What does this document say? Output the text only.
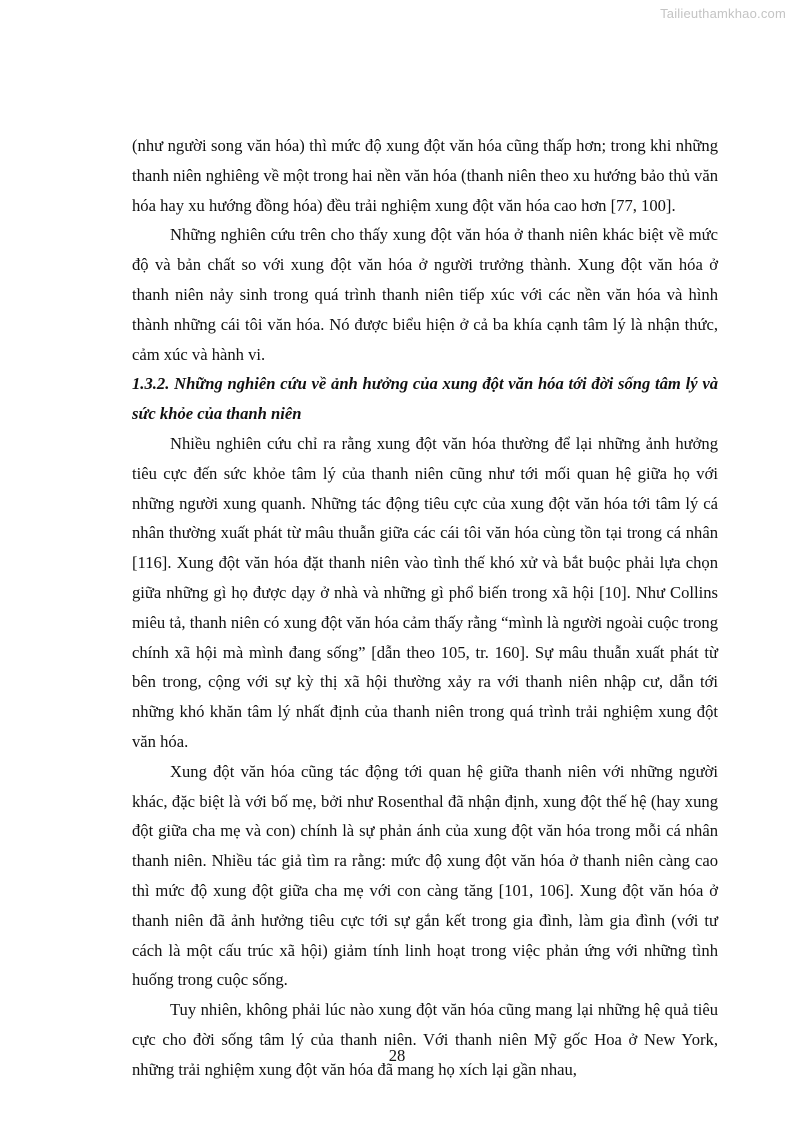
Tailieuthamkhao.com

(như người song văn hóa) thì mức độ xung đột văn hóa cũng thấp hơn; trong khi những thanh niên nghiêng về một trong hai nền văn hóa (thanh niên theo xu hướng bảo thủ văn hóa hay xu hướng đồng hóa) đều trải nghiệm xung đột văn hóa cao hơn [77, 100].

Những nghiên cứu trên cho thấy xung đột văn hóa ở thanh niên khác biệt về mức độ và bản chất so với xung đột văn hóa ở người trưởng thành. Xung đột văn hóa ở thanh niên nảy sinh trong quá trình thanh niên tiếp xúc với các nền văn hóa và hình thành những cái tôi văn hóa. Nó được biểu hiện ở cả ba khía cạnh tâm lý là nhận thức, cảm xúc và hành vi.

1.3.2. Những nghiên cứu về ảnh hưởng của xung đột văn hóa tới đời sống tâm lý và sức khỏe của thanh niên

Nhiều nghiên cứu chỉ ra rằng xung đột văn hóa thường để lại những ảnh hưởng tiêu cực đến sức khỏe tâm lý của thanh niên cũng như tới mối quan hệ giữa họ với những người xung quanh. Những tác động tiêu cực của xung đột văn hóa tới tâm lý cá nhân thường xuất phát từ mâu thuẫn giữa các cái tôi văn hóa cùng tồn tại trong cá nhân [116]. Xung đột văn hóa đặt thanh niên vào tình thế khó xử và bắt buộc phải lựa chọn giữa những gì họ được dạy ở nhà và những gì phổ biến trong xã hội [10]. Như Collins miêu tả, thanh niên có xung đột văn hóa cảm thấy rằng “mình là người ngoài cuộc trong chính xã hội mà mình đang sống” [dẫn theo 105, tr. 160]. Sự mâu thuẫn xuất phát từ bên trong, cộng với sự kỳ thị xã hội thường xảy ra với thanh niên nhập cư, dẫn tới những khó khăn tâm lý nhất định của thanh niên trong quá trình trải nghiệm xung đột văn hóa.

Xung đột văn hóa cũng tác động tới quan hệ giữa thanh niên với những người khác, đặc biệt là với bố mẹ, bởi như Rosenthal đã nhận định, xung đột thế hệ (hay xung đột giữa cha mẹ và con) chính là sự phản ánh của xung đột văn hóa trong mỗi cá nhân thanh niên. Nhiều tác giả tìm ra rằng: mức độ xung đột văn hóa ở thanh niên càng cao thì mức độ xung đột giữa cha mẹ với con càng tăng [101, 106]. Xung đột văn hóa ở thanh niên đã ảnh hưởng tiêu cực tới sự gắn kết trong gia đình, làm gia đình (với tư cách là một cấu trúc xã hội) giảm tính linh hoạt trong việc phản ứng với những tình huống trong cuộc sống.

Tuy nhiên, không phải lúc nào xung đột văn hóa cũng mang lại những hệ quả tiêu cực cho đời sống tâm lý của thanh niên. Với thanh niên Mỹ gốc Hoa ở New York, những trải nghiệm xung đột văn hóa đã mang họ xích lại gần nhau,

28
